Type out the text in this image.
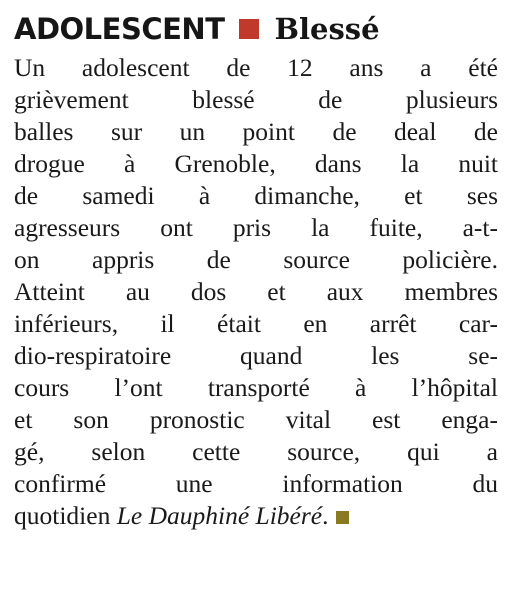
ADOLESCENT Blessé
Un adolescent de 12 ans a été
grièvement blessé de plusieurs
balles sur un point de deal de
drogue à Grenoble, dans la nuit
de samedi à dimanche, et ses
agresseurs ont pris la fuite, a-t-
on appris de source policière.
Atteint au dos et aux membres
inférieurs, il était en arrêt car-
dio-respiratoire quand les se-
cours l’ont transporté à l’hôpital
et son pronostic vital est enga-
gé, selon cette source, qui a
confirmé une information du
quotidien Le Dauphiné Libéré.
